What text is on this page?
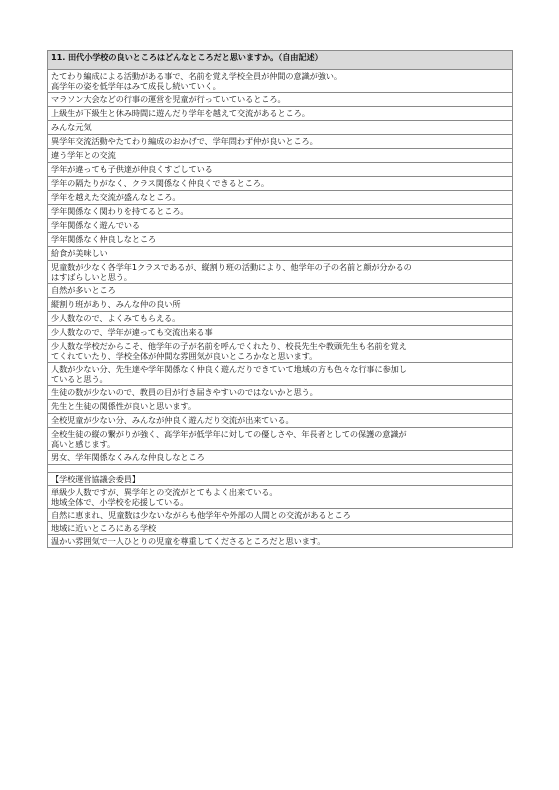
11. 田代小学校の良いところはどんなところだと思いますか。（自由記述）

たてわり編成による活動がある事で、名前を覚え学校全員が仲間の意識が強い。
高学年の姿を低学年はみて成長し続いていく。

マラソン大会などの行事の運営を児童が行っていているところ。

上級生が下級生と休み時間に遊んだり学年を越えて交流があるところ。

みんな元気

異学年交流活動やたてわり編成のおかげで、学年問わず仲が良いところ。

違う学年との交流

学年が違っても子供達が仲良くすごしている

学年の隔たりがなく、クラス関係なく仲良くできるところ。

学年を越えた交流が盛んなところ。

学年関係なく関わりを持てるところ。

学年関係なく遊んでいる

学年関係なく仲良しなところ

給食が美味しい

児童数が少なく各学年1クラスであるが、縦割り班の活動により、他学年の子の名前と顔が分かるの
はすばらしいと思う。

自然が多いところ

縦割り班があり、みんな仲の良い所

少人数なので、よくみてもらえる。

少人数なので、学年が違っても交流出来る事

少人数な学校だからこそ、他学年の子が名前を呼んでくれたり、校長先生や教頭先生も名前を覚え
てくれていたり、学校全体が仲間な雰囲気が良いところかなと思います。

人数が少ない分、先生達や学年関係なく仲良く遊んだりできていて地域の方も色々な行事に参加し
ていると思う。

生徒の数が少ないので、教員の目が行き届きやすいのではないかと思う。

先生と生徒の関係性が良いと思います。

全校児童が少ない分、みんなが仲良く遊んだり交流が出来ている。

全校生徒の縦の繋がりが強く、高学年が低学年に対しての優しさや、年長者としての保護の意識が
高いと感じます。

男女、学年関係なくみんな仲良しなところ

【学校運営協議会委員】

単級少人数ですが、異学年との交流がとてもよく出来ている。
地域全体で、小学校を応援している。

自然に恵まれ、児童数は少ないながらも他学年や外部の人間との交流があるところ

地域に近いところにある学校

温かい雰囲気で一人ひとりの児童を尊重してくださるところだと思います。
